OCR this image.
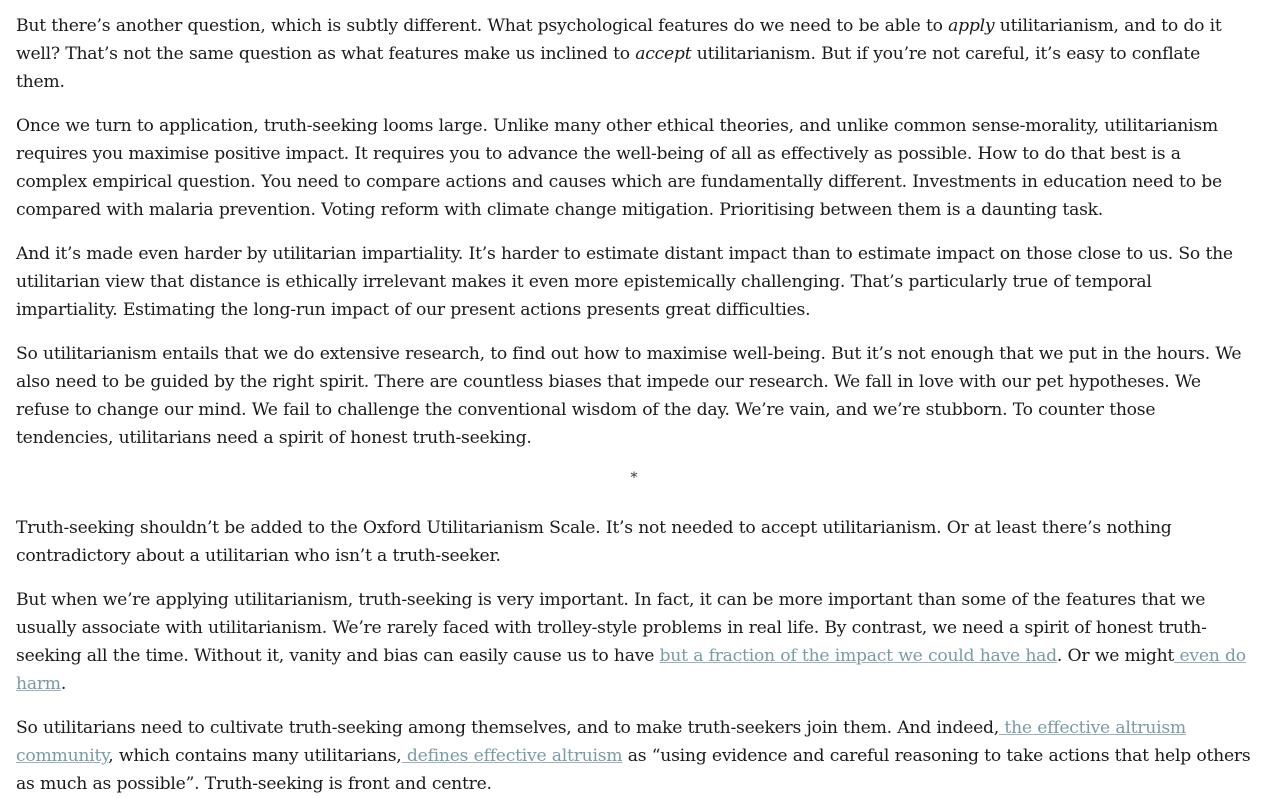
But there’s another question, which is subtly different. What psychological features do we need to be able to apply utilitarianism, and to do it well? That’s not the same question as what features make us inclined to accept utilitarianism. But if you’re not careful, it’s easy to conflate them.

Once we turn to application, truth-seeking looms large. Unlike many other ethical theories, and unlike common sense-morality, utilitarianism requires you maximise positive impact. It requires you to advance the well-being of all as effectively as possible. How to do that best is a complex empirical question. You need to compare actions and causes which are fundamentally different. Investments in education need to be compared with malaria prevention. Voting reform with climate change mitigation. Prioritising between them is a daunting task.

And it’s made even harder by utilitarian impartiality. It’s harder to estimate distant impact than to estimate impact on those close to us. So the utilitarian view that distance is ethically irrelevant makes it even more epistemically challenging. That’s particularly true of temporal impartiality. Estimating the long-run impact of our present actions presents great difficulties.

So utilitarianism entails that we do extensive research, to find out how to maximise well-being. But it’s not enough that we put in the hours. We also need to be guided by the right spirit. There are countless biases that impede our research. We fall in love with our pet hypotheses. We refuse to change our mind. We fail to challenge the conventional wisdom of the day. We’re vain, and we’re stubborn. To counter those tendencies, utilitarians need a spirit of honest truth-seeking.

*

Truth-seeking shouldn’t be added to the Oxford Utilitarianism Scale. It’s not needed to accept utilitarianism. Or at least there’s nothing contradictory about a utilitarian who isn’t a truth-seeker.

But when we’re applying utilitarianism, truth-seeking is very important. In fact, it can be more important than some of the features that we usually associate with utilitarianism. We’re rarely faced with trolley-style problems in real life. By contrast, we need a spirit of honest truth-seeking all the time. Without it, vanity and bias can easily cause us to have but a fraction of the impact we could have had. Or we might even do harm.

So utilitarians need to cultivate truth-seeking among themselves, and to make truth-seekers join them. And indeed, the effective altruism community, which contains many utilitarians, defines effective altruism as “using evidence and careful reasoning to take actions that help others as much as possible”. Truth-seeking is front and centre.
